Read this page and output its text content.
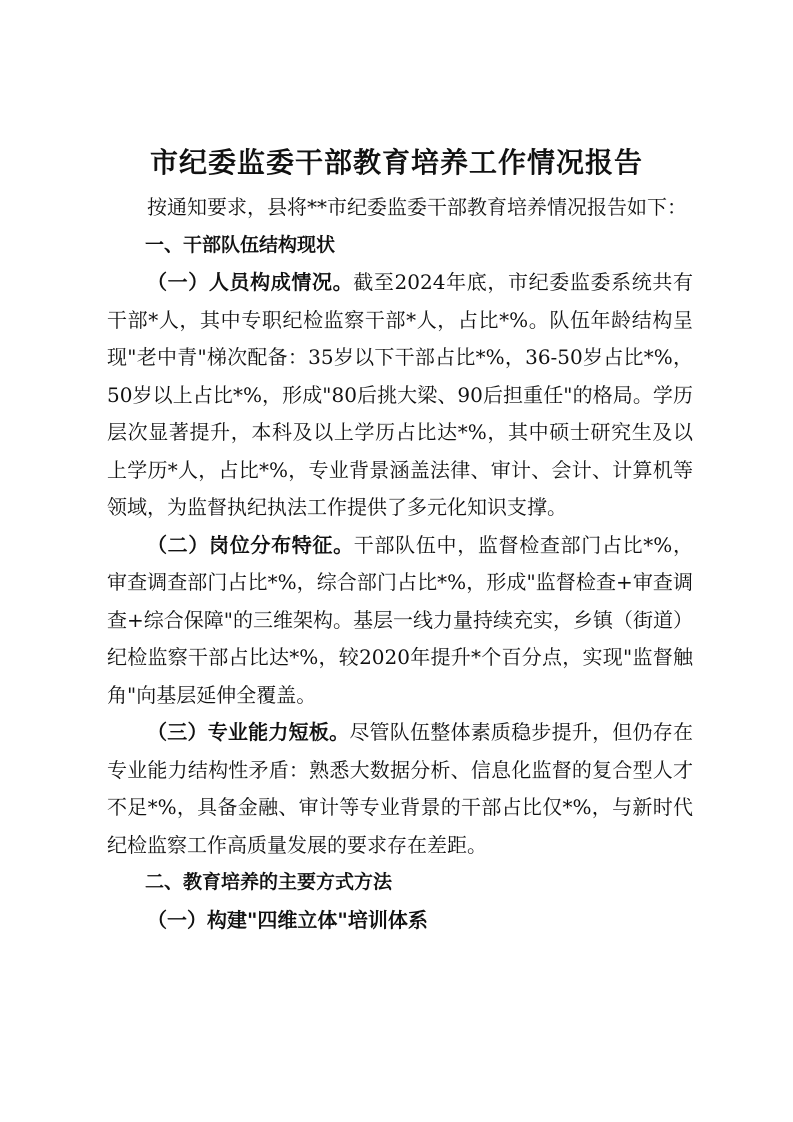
市纪委监委干部教育培养工作情况报告

按通知要求，县将**市纪委监委干部教育培养情况报告如下：

一、干部队伍结构现状

（一）人员构成情况。截至2024年底，市纪委监委系统共有干部*人，其中专职纪检监察干部*人，占比*%。队伍年龄结构呈现"老中青"梯次配备：35岁以下干部占比*%，36-50岁占比*%，50岁以上占比*%，形成"80后挑大梁、90后担重任"的格局。学历层次显著提升，本科及以上学历占比达*%，其中硕士研究生及以上学历*人，占比*%，专业背景涵盖法律、审计、会计、计算机等领域，为监督执纪执法工作提供了多元化知识支撑。

（二）岗位分布特征。干部队伍中，监督检查部门占比*%，审查调查部门占比*%，综合部门占比*%，形成"监督检查+审查调查+综合保障"的三维架构。基层一线力量持续充实，乡镇（街道）纪检监察干部占比达*%，较2020年提升*个百分点，实现"监督触角"向基层延伸全覆盖。

（三）专业能力短板。尽管队伍整体素质稳步提升，但仍存在专业能力结构性矛盾：熟悉大数据分析、信息化监督的复合型人才不足*%，具备金融、审计等专业背景的干部占比仅*%，与新时代纪检监察工作高质量发展的要求存在差距。

二、教育培养的主要方式方法

（一）构建"四维立体"培训体系
